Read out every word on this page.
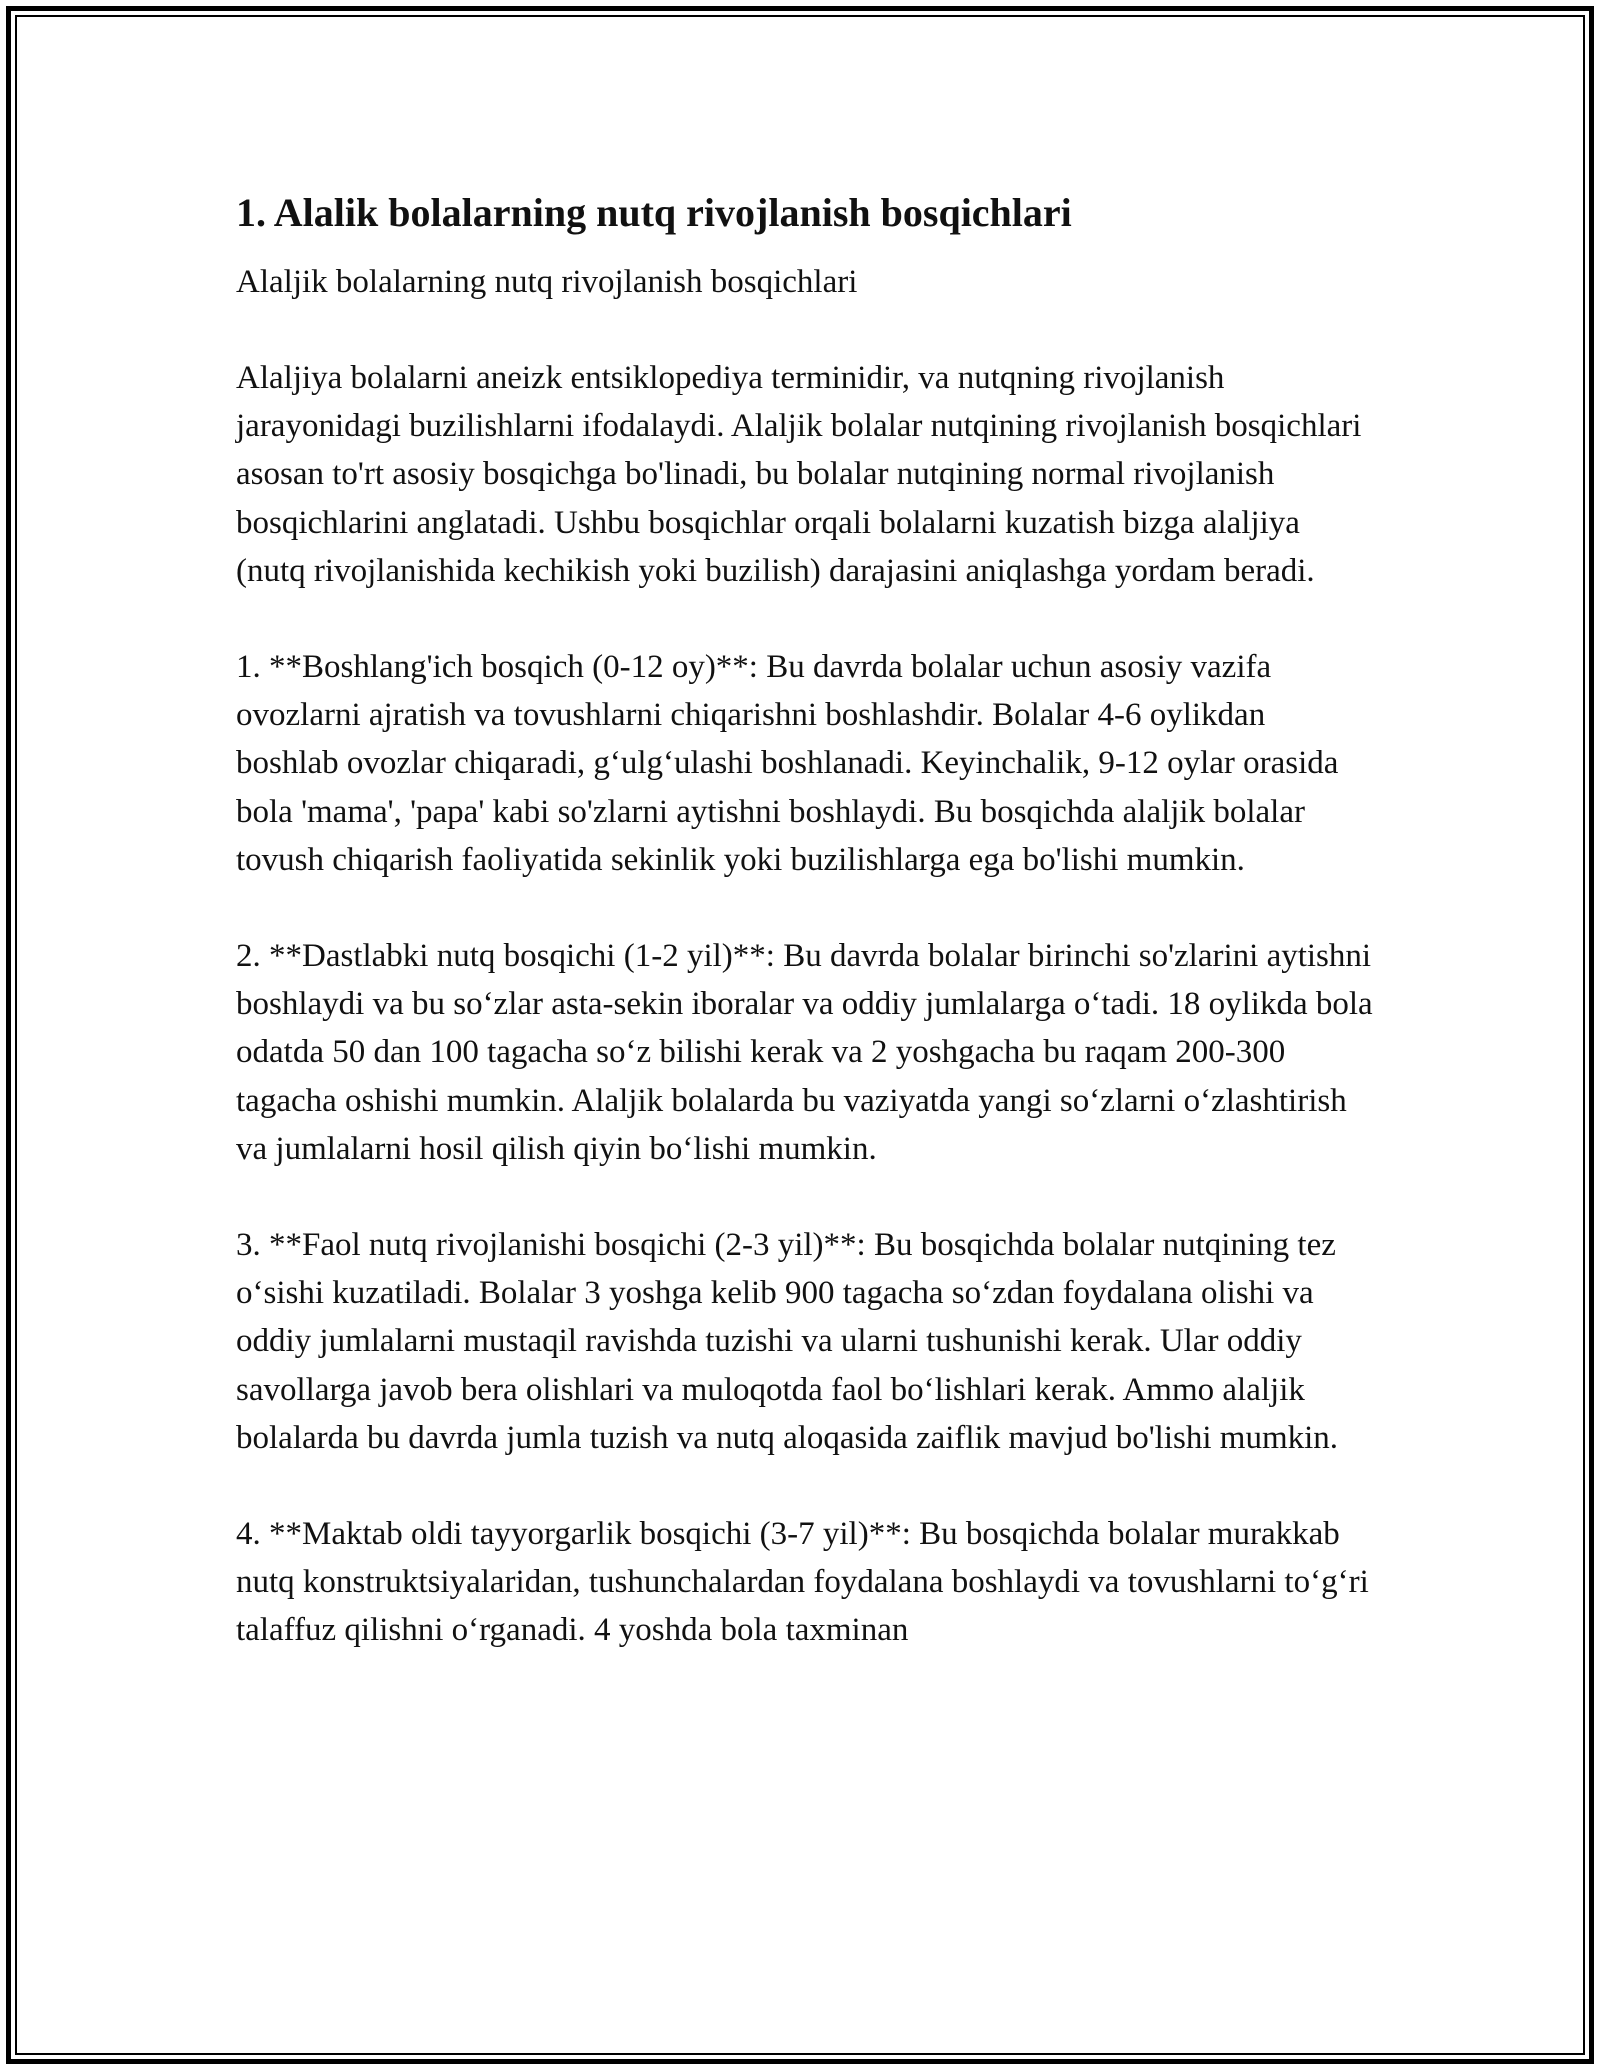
1. Alalik bolalarning nutq rivojlanish bosqichlari

Alaljik bolalarning nutq rivojlanish bosqichlari

Alaljiya bolalarni aneizk entsiklopediya terminidir, va nutqning rivojlanish jarayonidagi buzilishlarni ifodalaydi. Alaljik bolalar nutqining rivojlanish bosqichlari asosan to'rt asosiy bosqichga bo'linadi, bu bolalar nutqining normal rivojlanish bosqichlarini anglatadi. Ushbu bosqichlar orqali bolalarni kuzatish bizga alaljiya (nutq rivojlanishida kechikish yoki buzilish) darajasini aniqlashga yordam beradi.

1. **Boshlang'ich bosqich (0-12 oy)**: Bu davrda bolalar uchun asosiy vazifa ovozlarni ajratish va tovushlarni chiqarishni boshlashdir. Bolalar 4-6 oylikdan boshlab ovozlar chiqaradi, g‘ulg‘ulashi boshlanadi. Keyinchalik, 9-12 oylar orasida bola 'mama', 'papa' kabi so'zlarni aytishni boshlaydi. Bu bosqichda alaljik bolalar tovush chiqarish faoliyatida sekinlik yoki buzilishlarga ega bo'lishi mumkin.

2. **Dastlabki nutq bosqichi (1-2 yil)**: Bu davrda bolalar birinchi so'zlarini aytishni boshlaydi va bu so‘zlar asta-sekin iboralar va oddiy jumlalarga o‘tadi. 18 oylikda bola odatda 50 dan 100 tagacha so‘z bilishi kerak va 2 yoshgacha bu raqam 200-300 tagacha oshishi mumkin. Alaljik bolalarda bu vaziyatda yangi so‘zlarni o‘zlashtirish va jumlalarni hosil qilish qiyin bo‘lishi mumkin.

3. **Faol nutq rivojlanishi bosqichi (2-3 yil)**: Bu bosqichda bolalar nutqining tez o‘sishi kuzatiladi. Bolalar 3 yoshga kelib 900 tagacha so‘zdan foydalana olishi va oddiy jumlalarni mustaqil ravishda tuzishi va ularni tushunishi kerak. Ular oddiy savollarga javob bera olishlari va muloqotda faol bo‘lishlari kerak. Ammo alaljik bolalarda bu davrda jumla tuzish va nutq aloqasida zaiflik mavjud bo'lishi mumkin.

4. **Maktab oldi tayyorgarlik bosqichi (3-7 yil)**: Bu bosqichda bolalar murakkab nutq konstruktsiyalaridan, tushunchalardan foydalana boshlaydi va tovushlarni to‘g‘ri talaffuz qilishni o‘rganadi. 4 yoshda bola taxminan
